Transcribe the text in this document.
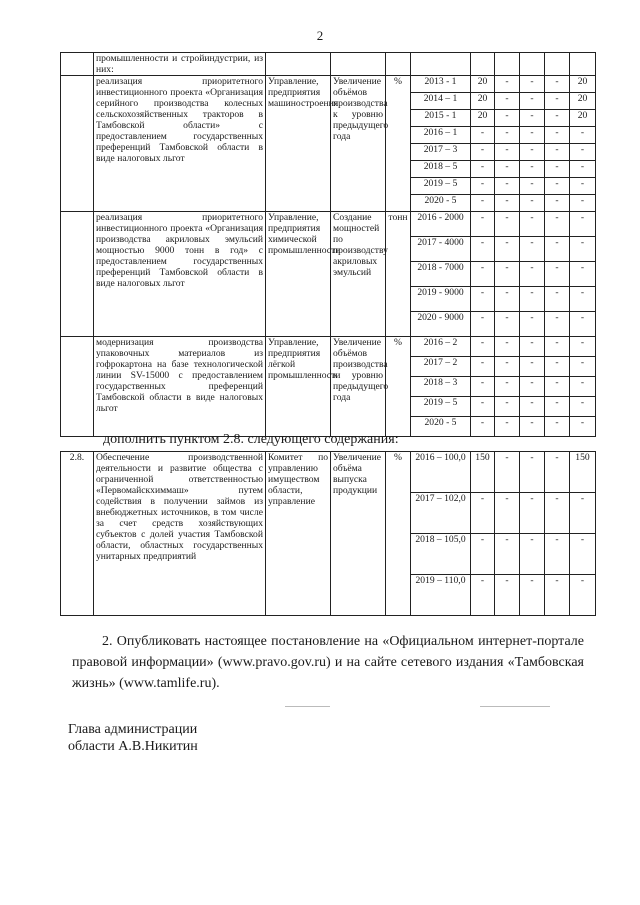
2
	промышленности и стройиндустрии, из них:									
	реализация приоритетного инвестиционного проекта «Организация серийного производства колесных сельскохозяйственных тракторов в Тамбовской области» с предоставлением государственных преференций Тамбовской области в виде налоговых льгот	Управление, предприятия машиностроения	Увеличение объёмов производства к уровню предыдущего года	%	2013 - 1	20	-	-	-	20
					2014 – 1	20	-	-	-	20
					2015 - 1	20	-	-	-	20
					2016 – 1	-	-	-	-	-
					2017 – 3	-	-	-	-	-
					2018 – 5	-	-	-	-	-
					2019 – 5	-	-	-	-	-
					2020 - 5	-	-	-	-	-
	реализация приоритетного инвестиционного проекта «Организация производства акриловых эмульсий мощностью 9000 тонн в год» с предоставлением государственных преференций Тамбовской области в виде налоговых льгот	Управление, предприятия химической промышленности	Создание мощностей по производству акриловых эмульсий	тонн	2016 - 2000	-	-	-	-	-
					2017 - 4000	-	-	-	-	-
					2018 - 7000	-	-	-	-	-
					2019 - 9000	-	-	-	-	-
					2020 - 9000	-	-	-	-	-
	модернизация производства упаковочных материалов из гофрокартона на базе технологической линии SV-15000 с предоставлением государственных преференций Тамбовской области в виде налоговых льгот	Управление, предприятия лёгкой промышленности	Увеличение объёмов производства к уровню предыдущего года	%	2016 – 2	-	-	-	-	-
					2017 – 2	-	-	-	-	-
					2018 – 3	-	-	-	-	-
					2019 – 5	-	-	-	-	-
					2020 - 5	-	-	-	-	-
дополнить пунктом 2.8. следующего содержания:
2.8.	Обеспечение производственной деятельности и развитие общества с ограниченной ответственностью «Первомайскхиммаш» путем содействия в получении займов из внебюджетных источников, в том числе за счет средств хозяйствующих субъектов с долей участия Тамбовской области, областных государственных унитарных предприятий	Комитет по управлению имуществом области, управление	Увеличение объёма выпуска продукции	%	2016 – 100,0	150	-	-	-	150
					2017 – 102,0	-	-	-	-	-
					2018 – 105,0	-	-	-	-	-
					2019 – 110,0	-	-	-	-	-
2. Опубликовать настоящее постановление на «Официальном интернет-портале правовой информации» (www.pravo.gov.ru) и на сайте сетевого издания «Тамбовская жизнь» (www.tamlife.ru).
Глава администрации
области А.В.Никитин
